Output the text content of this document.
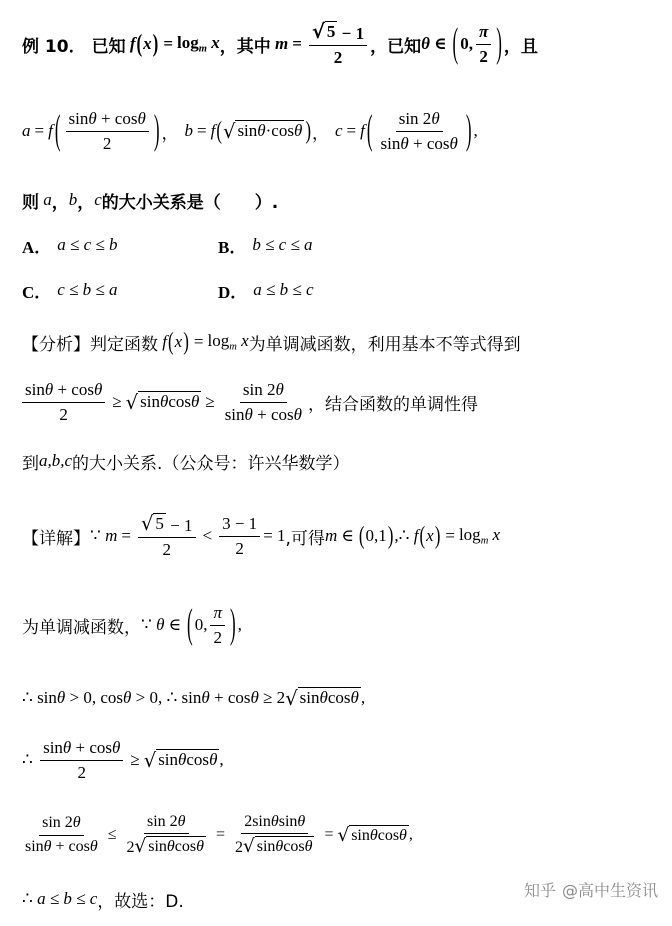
例 10． 已知 f ( x ) = $\log_m x$ ，其中 $m = \frac{√ 5 - 1}{2}$ ，已知 θ ∈ ( 0, $\frac{\pi}{2}$ ) ，且
a = f ( $\frac{\sin\theta + \cos\theta}{2}$ ) ， b = f ( √ sinθ·cosθ ) ， c = f ( $\frac{\sin 2\theta}{\sin\theta + \cos\theta}$ ) ,
则 a ， b ， c 的大小关系是（　　）.
A． a ≤ c ≤ b	B． b ≤ c ≤ a
C． c ≤ b ≤ a	D． a ≤ b ≤ c
【分析】 判定函数 f ( x ) = $\log_m x$ 为单调减函数，利用基本不等式得到
$\frac{\sin\theta + \cos\theta}{2}$ ≥ √ $\sin\theta\cos\theta \ge \frac{\sin 2\theta}{\sin\theta + \cos\theta}$ ，结合函数的单调性得
到 a,b,c 的大小关系.（公众号：许兴华数学）
【详解】 ∵ $m = \frac{√ 5 - 1}{2} < \frac{3 - 1}{2} = 1$ ,可得 m ∈ ( 0,1 ) ,∴ f ( x ) = $\log_m x$
为单调减函数， ∵ θ ∈ ( 0, $\frac{\pi}{2}$ ) ,
∴ sinθ > 0, cosθ > 0, ∴ sinθ + cosθ ≥ 2 √ sinθcosθ ,
∴ $\frac{\sin\theta + \cos\theta}{2}$ ≥ √ sinθcosθ ,
$\frac{\sin 2\theta}{\sin\theta + \cos\theta} \le \frac{\sin 2\theta}{2 √ \sin\theta\cos\theta} = \frac{2\sin\theta\sin\theta}{2 √ \sin\theta\cos\theta}$ = √ sinθcosθ ,
∴ a ≤ b ≤ c ，故选：D.
知乎 @高中生资讯
